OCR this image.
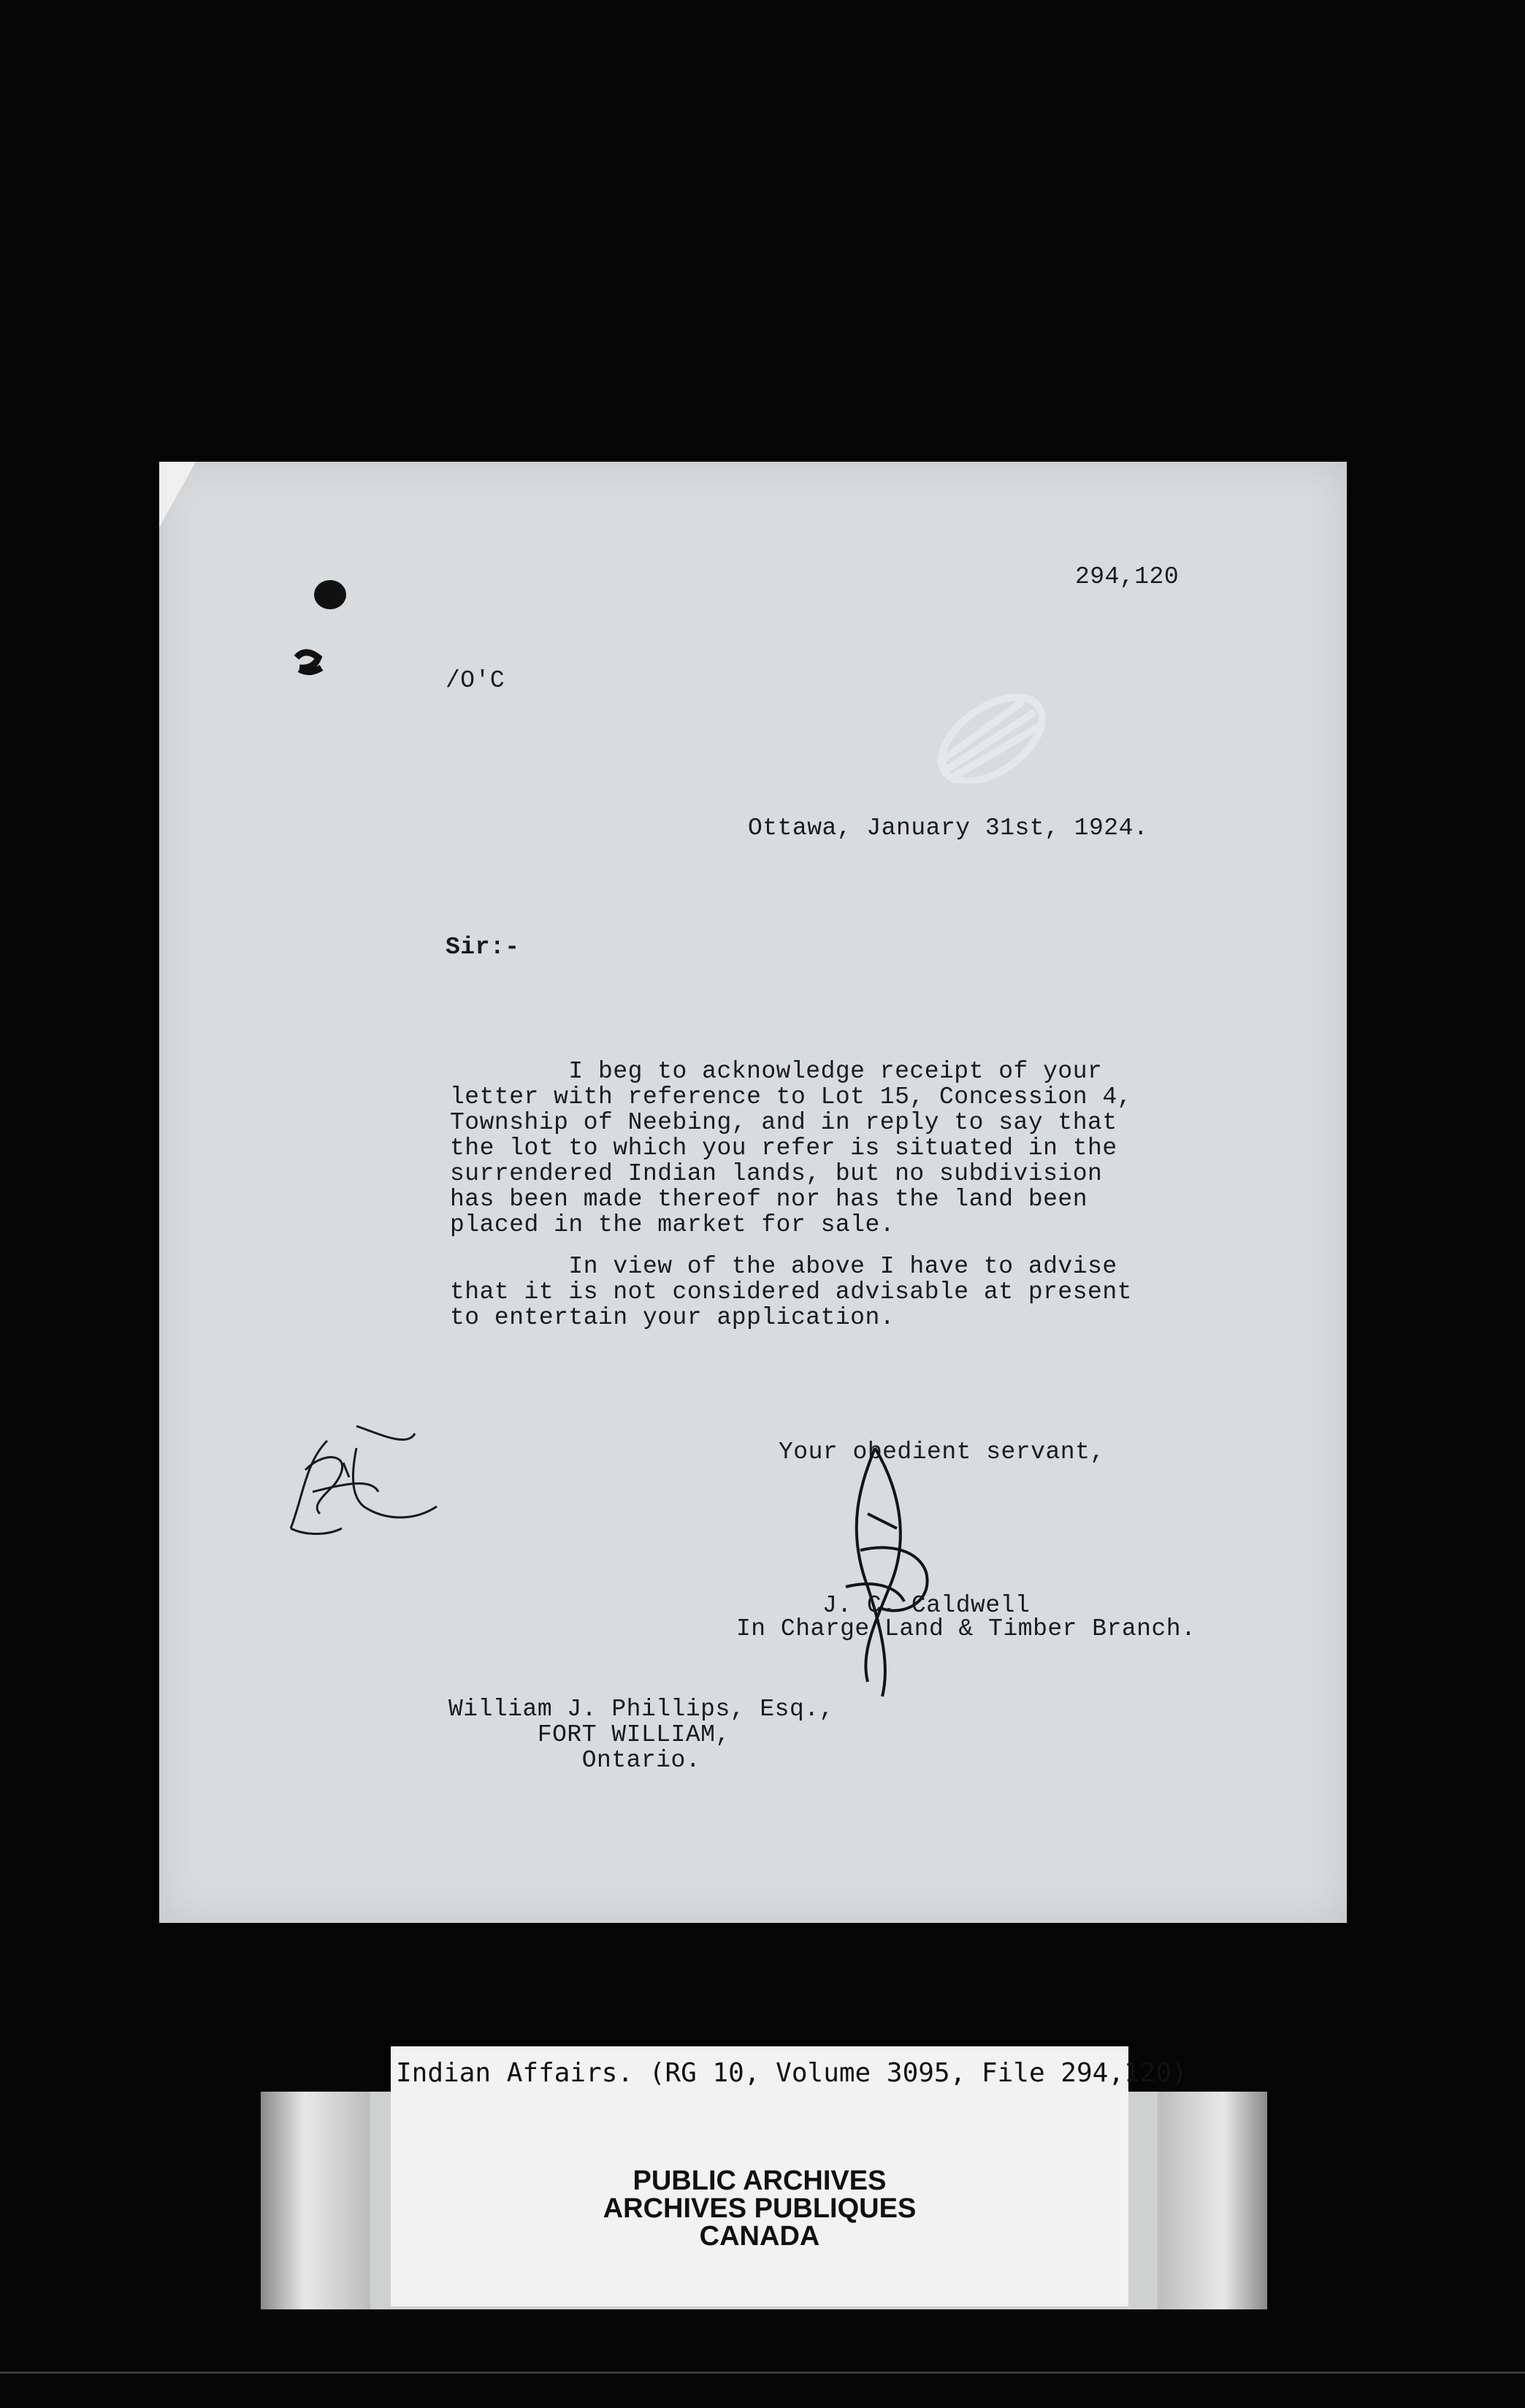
294,120
/O'C
Ottawa, January 31st, 1924.
Sir:-
I beg to acknowledge receipt of your
letter with reference to Lot 15, Concession 4,
Township of Neebing, and in reply to say that
the lot to which you refer is situated in the
surrendered Indian lands, but no subdivision
has been made thereof nor has the land been
placed in the market for sale.
In view of the above I have to advise
that it is not considered advisable at present
to entertain your application.
Your obedient servant,
J. C. Caldwell
In Charge Land & Timber Branch.
William J. Phillips, Esq.,
FORT WILLIAM,
Ontario.
Indian Affairs. (RG 10, Volume 3095, File 294,120)
PUBLIC ARCHIVES
ARCHIVES PUBLIQUES
CANADA
